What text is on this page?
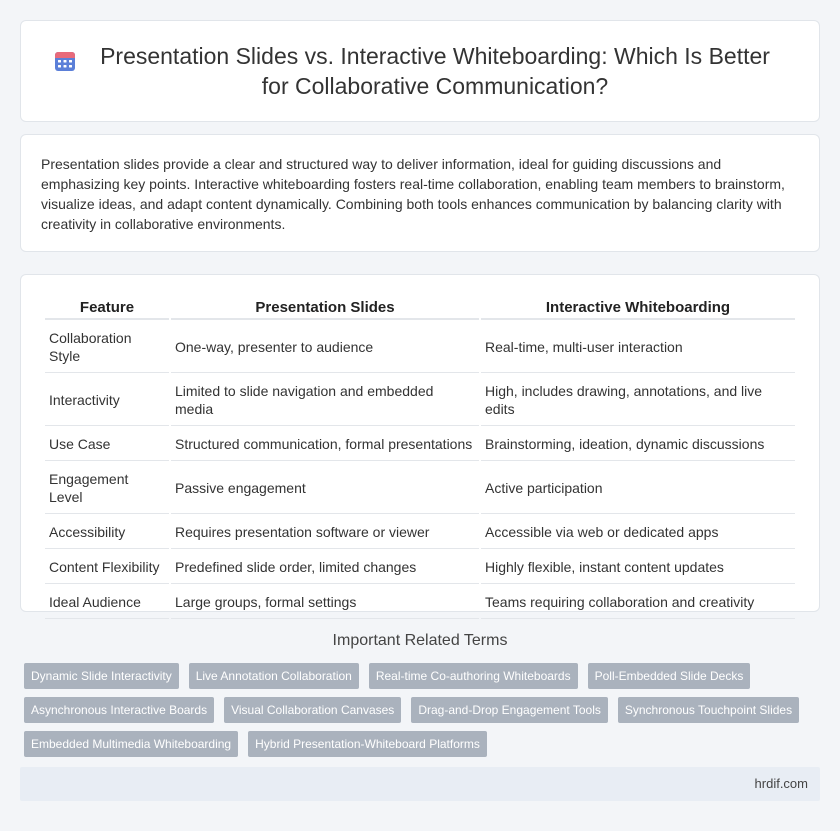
Presentation Slides vs. Interactive Whiteboarding: Which Is Better for Collaborative Communication?

Presentation slides provide a clear and structured way to deliver information, ideal for guiding discussions and emphasizing key points. Interactive whiteboarding fosters real-time collaboration, enabling team members to brainstorm, visualize ideas, and adapt content dynamically. Combining both tools enhances communication by balancing clarity with creativity in collaborative environments.

Feature	Presentation Slides	Interactive Whiteboarding
Collaboration Style	One-way, presenter to audience	Real-time, multi-user interaction
Interactivity	Limited to slide navigation and embedded media	High, includes drawing, annotations, and live edits
Use Case	Structured communication, formal presentations	Brainstorming, ideation, dynamic discussions
Engagement Level	Passive engagement	Active participation
Accessibility	Requires presentation software or viewer	Accessible via web or dedicated apps
Content Flexibility	Predefined slide order, limited changes	Highly flexible, instant content updates
Ideal Audience	Large groups, formal settings	Teams requiring collaboration and creativity
Important Related Terms
Dynamic Slide Interactivity	Live Annotation Collaboration	Real-time Co-authoring Whiteboards	Poll-Embedded Slide Decks
Asynchronous Interactive Boards	Visual Collaboration Canvases	Drag-and-Drop Engagement Tools	Synchronous Touchpoint Slides
Embedded Multimedia Whiteboarding	Hybrid Presentation-Whiteboard Platforms
hrdif.com
